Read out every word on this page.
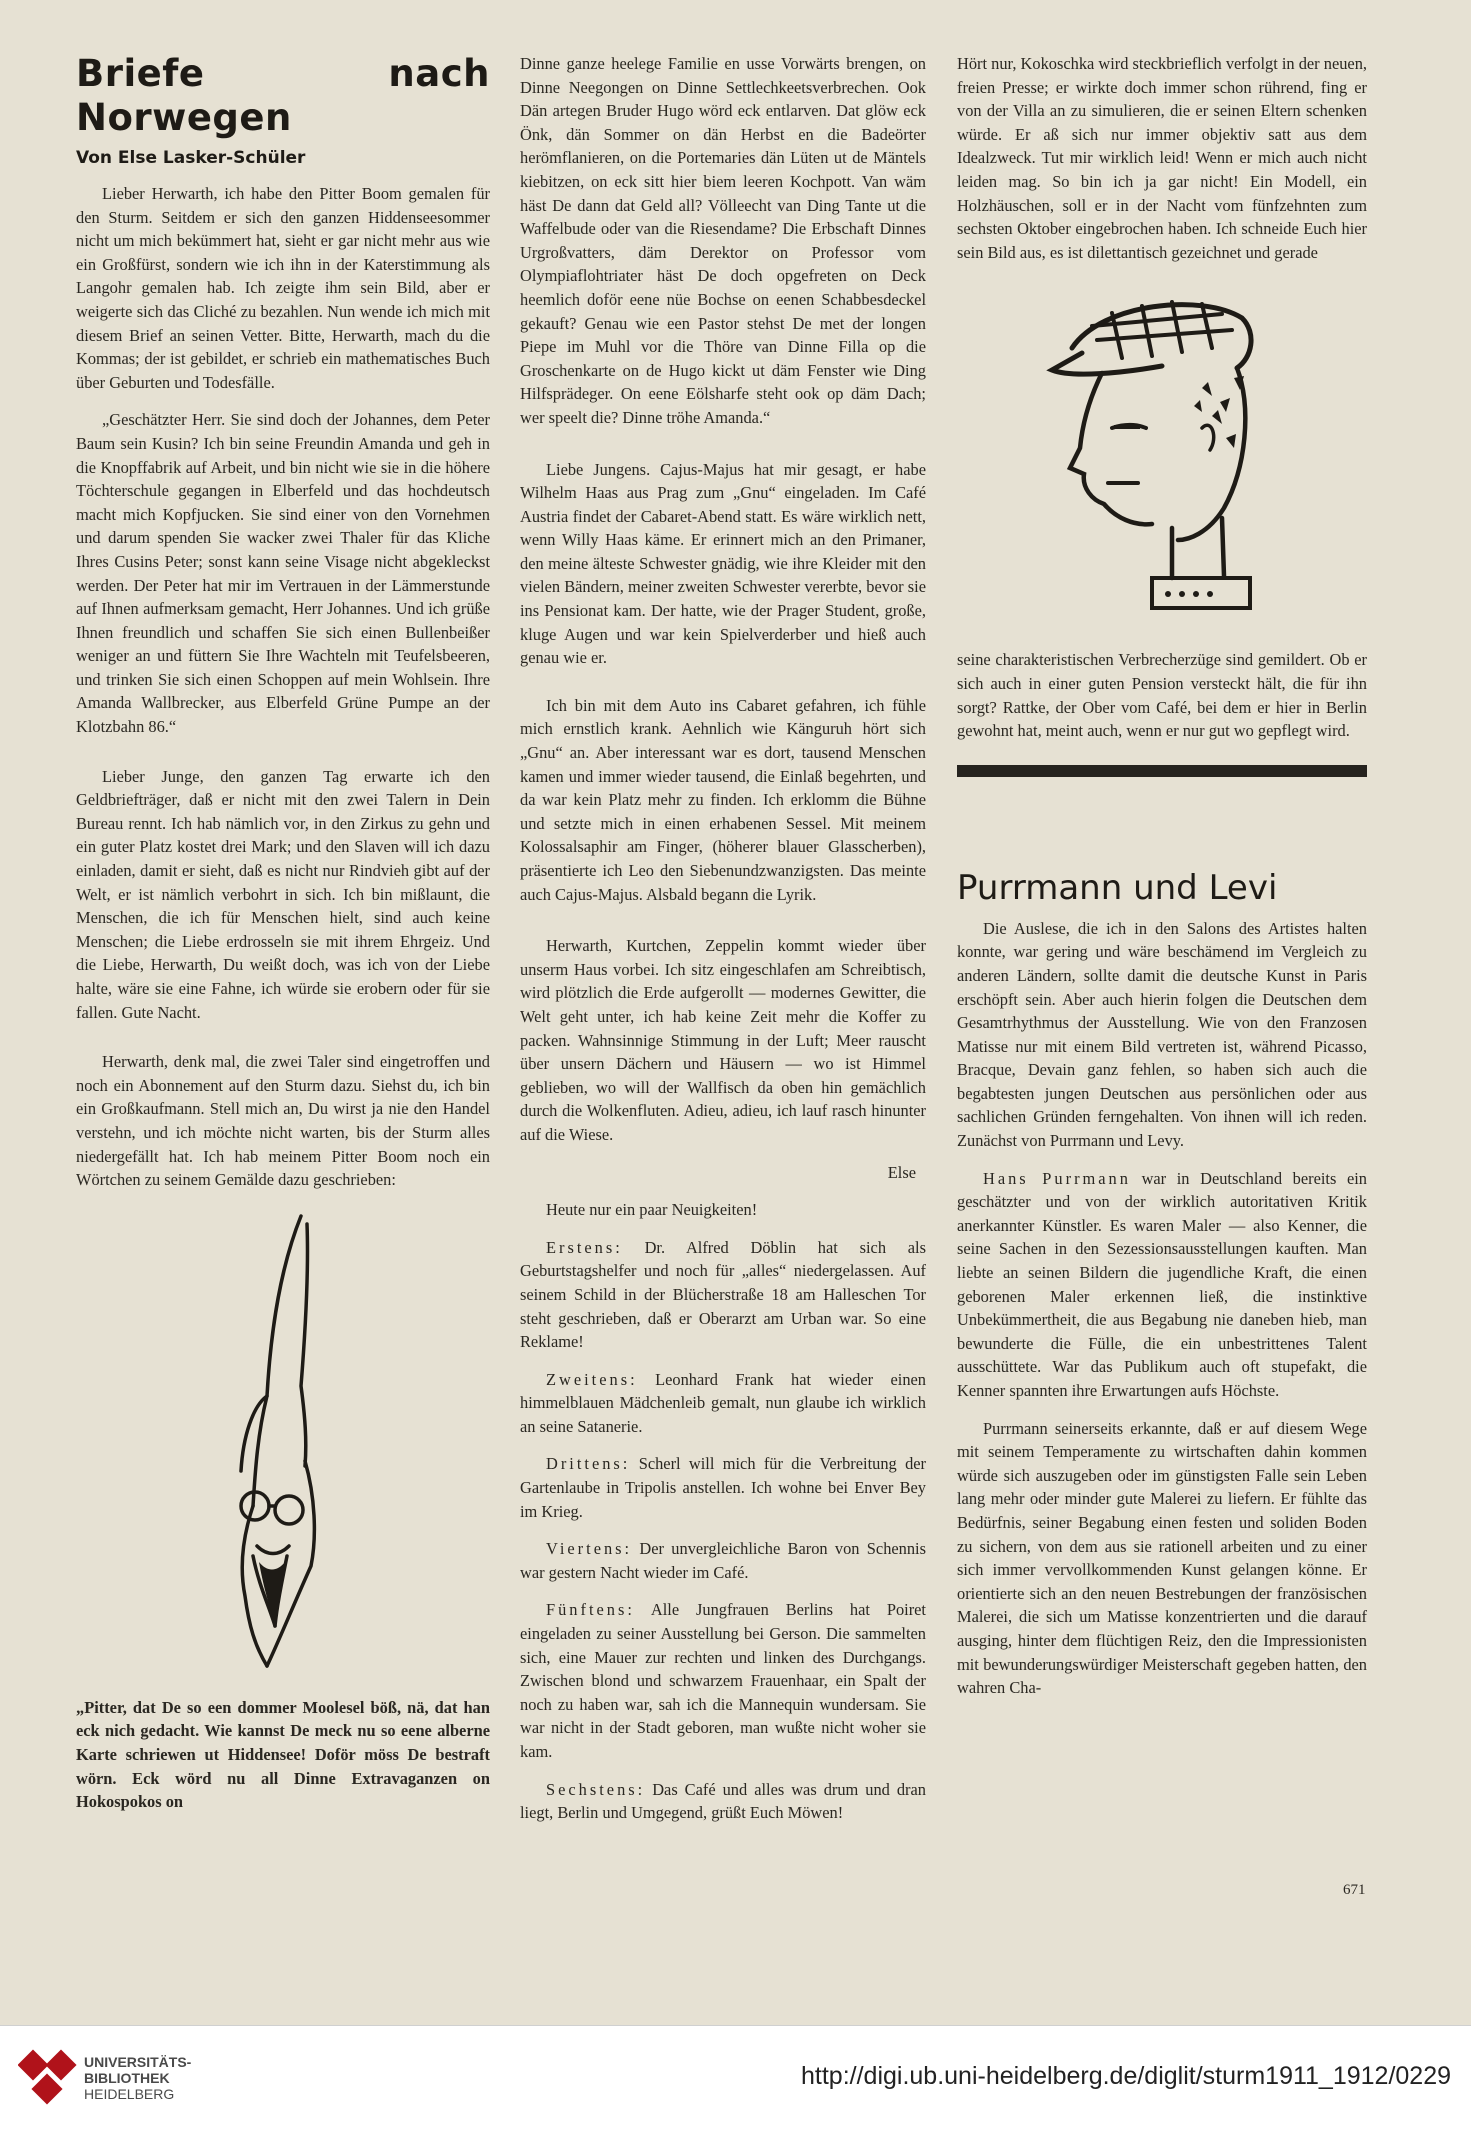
Briefe nach Norwegen
Von Else Lasker-Schüler

Lieber Herwarth, ich habe den Pitter Boom gemalen für den Sturm. Seitdem er sich den ganzen Hiddenseesommer nicht um mich bekümmert hat, sieht er gar nicht mehr aus wie ein Großfürst, sondern wie ich ihn in der Katerstimmung als Langohr gemalen hab. Ich zeigte ihm sein Bild, aber er weigerte sich das Cliché zu bezahlen. Nun wende ich mich mit diesem Brief an seinen Vetter. Bitte, Herwarth, mach du die Kommas; der ist gebildet, er schrieb ein mathematisches Buch über Geburten und Todesfälle.

„Geschätzter Herr. Sie sind doch der Johannes, dem Peter Baum sein Kusin? Ich bin seine Freundin Amanda und geh in die Knopffabrik auf Arbeit, und bin nicht wie sie in die höhere Töchterschule gegangen in Elberfeld und das hochdeutsch macht mich Kopfjucken. Sie sind einer von den Vornehmen und darum spenden Sie wacker zwei Thaler für das Kliche Ihres Cusins Peter; sonst kann seine Visage nicht abgekleckst werden. Der Peter hat mir im Vertrauen in der Lämmerstunde auf Ihnen aufmerksam gemacht, Herr Johannes. Und ich grüße Ihnen freundlich und schaffen Sie sich einen Bullenbeißer weniger an und füttern Sie Ihre Wachteln mit Teufelsbeeren, und trinken Sie sich einen Schoppen auf mein Wohlsein. Ihre Amanda Wallbrecker, aus Elberfeld Grüne Pumpe an der Klotzbahn 86.“

Lieber Junge, den ganzen Tag erwarte ich den Geldbriefträger, daß er nicht mit den zwei Talern in Dein Bureau rennt. Ich hab nämlich vor, in den Zirkus zu gehn und ein guter Platz kostet drei Mark; und den Slaven will ich dazu einladen, damit er sieht, daß es nicht nur Rindvieh gibt auf der Welt, er ist nämlich verbohrt in sich. Ich bin mißlaunt, die Menschen, die ich für Menschen hielt, sind auch keine Menschen; die Liebe erdrosseln sie mit ihrem Ehrgeiz. Und die Liebe, Herwarth, Du weißt doch, was ich von der Liebe halte, wäre sie eine Fahne, ich würde sie erobern oder für sie fallen. Gute Nacht.

Herwarth, denk mal, die zwei Taler sind eingetroffen und noch ein Abonnement auf den Sturm dazu. Siehst du, ich bin ein Großkaufmann. Stell mich an, Du wirst ja nie den Handel verstehn, und ich möchte nicht warten, bis der Sturm alles niedergefällt hat. Ich hab meinem Pitter Boom noch ein Wörtchen zu seinem Gemälde dazu geschrieben:

„Pitter, dat De so een dommer Moolesel böß, nä, dat han eck nich gedacht. Wie kannst De meck nu so eene alberne Karte schriewen ut Hiddensee! Doför möss De bestraft wörn. Eck wörd nu all Dinne Extravaganzen on Hokospokos on

Dinne ganze heelege Familie en usse Vorwärts brengen, on Dinne Neegongen on Dinne Settlechkeetsverbrechen. Ook Dän artegen Bruder Hugo wörd eck entlarven. Dat glöw eck Önk, dän Sommer on dän Herbst en die Badeörter herömflanieren, on die Portemaries dän Lüten ut de Mäntels kiebitzen, on eck sitt hier biem leeren Kochpott. Van wäm häst De dann dat Geld all? Völleecht van Ding Tante ut die Waffelbude oder van die Riesendame? Die Erbschaft Dinnes Urgroßvatters, däm Derektor on Professor vom Olympiaflohtriater häst De doch opgefreten on Deck heemlich doför eene nüe Bochse on eenen Schabbesdeckel gekauft? Genau wie een Pastor stehst De met der longen Piepe im Muhl vor die Thöre van Dinne Filla op die Groschenkarte on de Hugo kickt ut däm Fenster wie Ding Hilfsprädeger. On eene Eölsharfe steht ook op däm Dach; wer speelt die? Dinne tröhe Amanda.“

Liebe Jungens. Cajus-Majus hat mir gesagt, er habe Wilhelm Haas aus Prag zum „Gnu“ eingeladen. Im Café Austria findet der Cabaret-Abend statt. Es wäre wirklich nett, wenn Willy Haas käme. Er erinnert mich an den Primaner, den meine älteste Schwester gnädig, wie ihre Kleider mit den vielen Bändern, meiner zweiten Schwester vererbte, bevor sie ins Pensionat kam. Der hatte, wie der Prager Student, große, kluge Augen und war kein Spielverderber und hieß auch genau wie er.

Ich bin mit dem Auto ins Cabaret gefahren, ich fühle mich ernstlich krank. Aehnlich wie Känguruh hört sich „Gnu“ an. Aber interessant war es dort, tausend Menschen kamen und immer wieder tausend, die Einlaß begehrten, und da war kein Platz mehr zu finden. Ich erklomm die Bühne und setzte mich in einen erhabenen Sessel. Mit meinem Kolossalsaphir am Finger, (höherer blauer Glasscherben), präsentierte ich Leo den Siebenundzwanzigsten. Das meinte auch Cajus-Majus. Alsbald begann die Lyrik.

Herwarth, Kurtchen, Zeppelin kommt wieder über unserm Haus vorbei. Ich sitz eingeschlafen am Schreibtisch, wird plötzlich die Erde aufgerollt — modernes Gewitter, die Welt geht unter, ich hab keine Zeit mehr die Koffer zu packen. Wahnsinnige Stimmung in der Luft; Meer rauscht über unsern Dächern und Häusern — wo ist Himmel geblieben, wo will der Wallfisch da oben hin gemächlich durch die Wolkenfluten. Adieu, adieu, ich lauf rasch hinunter auf die Wiese.

Else

Heute nur ein paar Neuigkeiten!

Erstens: Dr. Alfred Döblin hat sich als Geburtstagshelfer und noch für „alles“ niedergelassen. Auf seinem Schild in der Blücherstraße 18 am Halleschen Tor steht geschrieben, daß er Oberarzt am Urban war. So eine Reklame!

Zweitens: Leonhard Frank hat wieder einen himmelblauen Mädchenleib gemalt, nun glaube ich wirklich an seine Satanerie.

Drittens: Scherl will mich für die Verbreitung der Gartenlaube in Tripolis anstellen. Ich wohne bei Enver Bey im Krieg.

Viertens: Der unvergleichliche Baron von Schennis war gestern Nacht wieder im Café.

Fünftens: Alle Jungfrauen Berlins hat Poiret eingeladen zu seiner Ausstellung bei Gerson. Die sammelten sich, eine Mauer zur rechten und linken des Durchgangs. Zwischen blond und schwarzem Frauenhaar, ein Spalt der noch zu haben war, sah ich die Mannequin wundersam. Sie war nicht in der Stadt geboren, man wußte nicht woher sie kam.

Sechstens: Das Café und alles was drum und dran liegt, Berlin und Umgegend, grüßt Euch Möwen!

Hört nur, Kokoschka wird steckbrieflich verfolgt in der neuen, freien Presse; er wirkte doch immer schon rührend, fing er von der Villa an zu simulieren, die er seinen Eltern schenken würde. Er aß sich nur immer objektiv satt aus dem Idealzweck. Tut mir wirklich leid! Wenn er mich auch nicht leiden mag. So bin ich ja gar nicht! Ein Modell, ein Holzhäuschen, soll er in der Nacht vom fünfzehnten zum sechsten Oktober eingebrochen haben. Ich schneide Euch hier sein Bild aus, es ist dilettantisch gezeichnet und gerade

seine charakteristischen Verbrecherzüge sind gemildert. Ob er sich auch in einer guten Pension versteckt hält, die für ihn sorgt? Rattke, der Ober vom Café, bei dem er hier in Berlin gewohnt hat, meint auch, wenn er nur gut wo gepflegt wird.

Purrmann und Levi

Die Auslese, die ich in den Salons des Artistes halten konnte, war gering und wäre beschämend im Vergleich zu anderen Ländern, sollte damit die deutsche Kunst in Paris erschöpft sein. Aber auch hierin folgen die Deutschen dem Gesamtrhythmus der Ausstellung. Wie von den Franzosen Matisse nur mit einem Bild vertreten ist, während Picasso, Bracque, Devain ganz fehlen, so haben sich auch die begabtesten jungen Deutschen aus persönlichen oder aus sachlichen Gründen ferngehalten. Von ihnen will ich reden. Zunächst von Purrmann und Levy.

Hans Purrmann war in Deutschland bereits ein geschätzter und von der wirklich autoritativen Kritik anerkannter Künstler. Es waren Maler — also Kenner, die seine Sachen in den Sezessionsausstellungen kauften. Man liebte an seinen Bildern die jugendliche Kraft, die einen geborenen Maler erkennen ließ, die instinktive Unbekümmertheit, die aus Begabung nie daneben hieb, man bewunderte die Fülle, die ein unbestrittenes Talent ausschüttete. War das Publikum auch oft stupefakt, die Kenner spannten ihre Erwartungen aufs Höchste.

Purrmann seinerseits erkannte, daß er auf diesem Wege mit seinem Temperamente zu wirtschaften dahin kommen würde sich auszugeben oder im günstigsten Falle sein Leben lang mehr oder minder gute Malerei zu liefern. Er fühlte das Bedürfnis, seiner Begabung einen festen und soliden Boden zu sichern, von dem aus sie rationell arbeiten und zu einer sich immer vervollkommenden Kunst gelangen könne. Er orientierte sich an den neuen Bestrebungen der französischen Malerei, die sich um Matisse konzentrierten und die darauf ausging, hinter dem flüchtigen Reiz, den die Impressionisten mit bewunderungswürdiger Meisterschaft gegeben hatten, den wahren Cha-

671
UNIVERSITÄTS-
BIBLIOTHEK
HEIDELBERG
http://digi.ub.uni-heidelberg.de/diglit/sturm1911_1912/0229
